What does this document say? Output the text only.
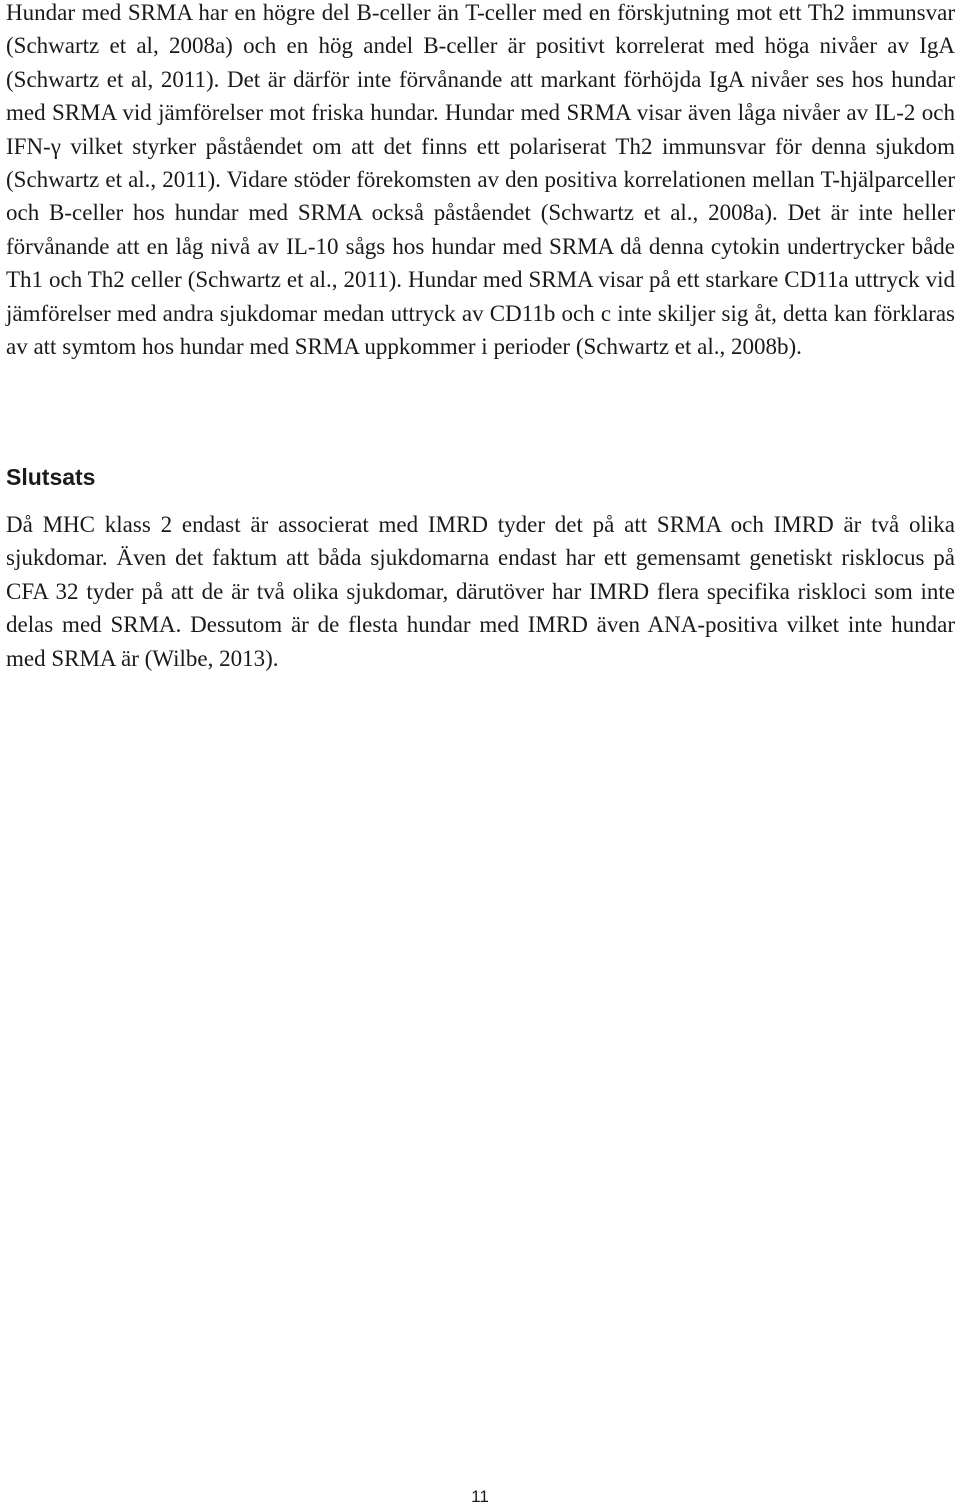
Hundar med SRMA har en högre del B-celler än T-celler med en förskjutning mot ett Th2 immunsvar (Schwartz et al, 2008a) och en hög andel B-celler är positivt korrelerat med höga nivåer av IgA (Schwartz et al, 2011). Det är därför inte förvånande att markant förhöjda IgA nivåer ses hos hundar med SRMA vid jämförelser mot friska hundar. Hundar med SRMA visar även låga nivåer av IL-2 och IFN-γ vilket styrker påståendet om att det finns ett polariserat Th2 immunsvar för denna sjukdom (Schwartz et al., 2011). Vidare stöder förekomsten av den positiva korrelationen mellan T-hjälparceller och B-celler hos hundar med SRMA också påståendet (Schwartz et al., 2008a). Det är inte heller förvånande att en låg nivå av IL-10 sågs hos hundar med SRMA då denna cytokin undertrycker både Th1 och Th2 celler (Schwartz et al., 2011). Hundar med SRMA visar på ett starkare CD11a uttryck vid jämförelser med andra sjukdomar medan uttryck av CD11b och c inte skiljer sig åt, detta kan förklaras av att symtom hos hundar med SRMA uppkommer i perioder (Schwartz et al., 2008b).

Slutsats

Då MHC klass 2 endast är associerat med IMRD tyder det på att SRMA och IMRD är två olika sjukdomar. Även det faktum att båda sjukdomarna endast har ett gemensamt genetiskt risklocus på CFA 32 tyder på att de är två olika sjukdomar, därutöver har IMRD flera specifika riskloci som inte delas med SRMA. Dessutom är de flesta hundar med IMRD även ANA-positiva vilket inte hundar med SRMA är (Wilbe, 2013).

11
